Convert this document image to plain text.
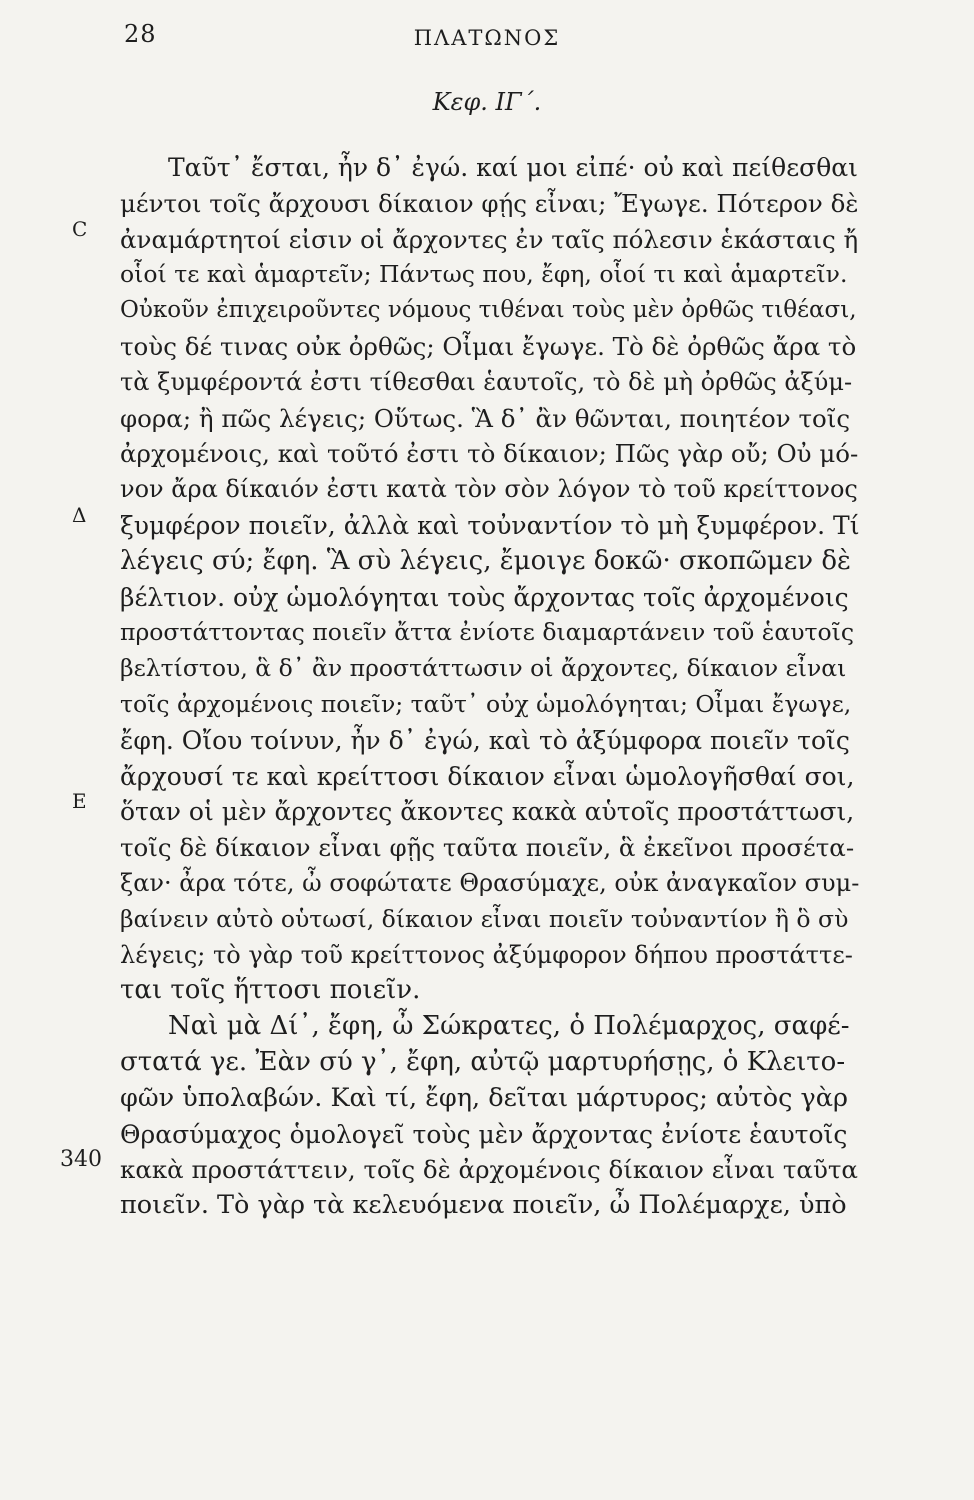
28	ΠΛΑΤΩΝΟΣ
Κεφ. ΙΓ΄.
C
Δ
E
340
Ταῦτ᾽ ἔσται, ἦν δ᾽ ἐγώ. καί μοι εἰπέ· οὐ καὶ πείθεσθαι
μέντοι τοῖς ἄρχουσι δίκαιον φῄς εἶναι; Ἔγωγε. Πότερον δὲ
ἀναμάρτητοί εἰσιν οἱ ἄρχοντες ἐν ταῖς πόλεσιν ἑκάσταις ἤ
οἷοί τε καὶ ἁμαρτεῖν; Πάντως που, ἔφη, οἷοί τι καὶ ἁμαρτεῖν.
Οὐκοῦν ἐπιχειροῦντες νόμους τιθέναι τοὺς μὲν ὀρθῶς τιθέασι,
τοὺς δέ τινας οὐκ ὀρθῶς; Οἶμαι ἔγωγε. Τὸ δὲ ὀρθῶς ἄρα τὸ
τὰ ξυμφέροντά ἐστι τίθεσθαι ἑαυτοῖς, τὸ δὲ μὴ ὀρθῶς ἀξύμ-
φορα; ἢ πῶς λέγεις; Οὕτως. Ἃ δ᾽ ἂν θῶνται, ποιητέον τοῖς
ἀρχομένοις, καὶ τοῦτό ἐστι τὸ δίκαιον; Πῶς γὰρ οὔ; Οὐ μό-
νον ἄρα δίκαιόν ἐστι κατὰ τὸν σὸν λόγον τὸ τοῦ κρείττονος
ξυμφέρον ποιεῖν, ἀλλὰ καὶ τοὐναντίον τὸ μὴ ξυμφέρον. Τί
λέγεις σύ; ἔφη. Ἃ σὺ λέγεις, ἔμοιγε δοκῶ· σκοπῶμεν δὲ
βέλτιον. οὐχ ὡμολόγηται τοὺς ἄρχοντας τοῖς ἀρχομένοις
προστάττοντας ποιεῖν ἄττα ἐνίοτε διαμαρτάνειν τοῦ ἑαυτοῖς
βελτίστου, ἃ δ᾽ ἂν προστάττωσιν οἱ ἄρχοντες, δίκαιον εἶναι
τοῖς ἀρχομένοις ποιεῖν; ταῦτ᾽ οὐχ ὡμολόγηται; Οἶμαι ἔγωγε,
ἔφη. Οἴου τοίνυν, ἦν δ᾽ ἐγώ, καὶ τὸ ἀξύμφορα ποιεῖν τοῖς
ἄρχουσί τε καὶ κρείττοσι δίκαιον εἶναι ὡμολογῆσθαί σοι,
ὅταν οἱ μὲν ἄρχοντες ἄκοντες κακὰ αὑτοῖς προστάττωσι,
τοῖς δὲ δίκαιον εἶναι φῇς ταῦτα ποιεῖν, ἃ ἐκεῖνοι προσέτα-
ξαν· ἆρα τότε, ὦ σοφώτατε Θρασύμαχε, οὐκ ἀναγκαῖον συμ-
βαίνειν αὐτὸ οὑτωσί, δίκαιον εἶναι ποιεῖν τοὐναντίον ἢ ὃ σὺ
λέγεις; τὸ γὰρ τοῦ κρείττονος ἀξύμφορον δήπου προστάττε-
ται τοῖς ἥττοσι ποιεῖν.
Ναὶ μὰ Δί᾽, ἔφη, ὦ Σώκρατες, ὁ Πολέμαρχος, σαφέ-
στατά γε. Ἐὰν σύ γ᾽, ἔφη, αὐτῷ μαρτυρήσῃς, ὁ Κλειτο-
φῶν ὑπολαβών. Καὶ τί, ἔφη, δεῖται μάρτυρος; αὐτὸς γὰρ
Θρασύμαχος ὁμολογεῖ τοὺς μὲν ἄρχοντας ἐνίοτε ἑαυτοῖς
κακὰ προστάττειν, τοῖς δὲ ἀρχομένοις δίκαιον εἶναι ταῦτα
ποιεῖν. Τὸ γὰρ τὰ κελευόμενα ποιεῖν, ὦ Πολέμαρχε, ὑπὸ
